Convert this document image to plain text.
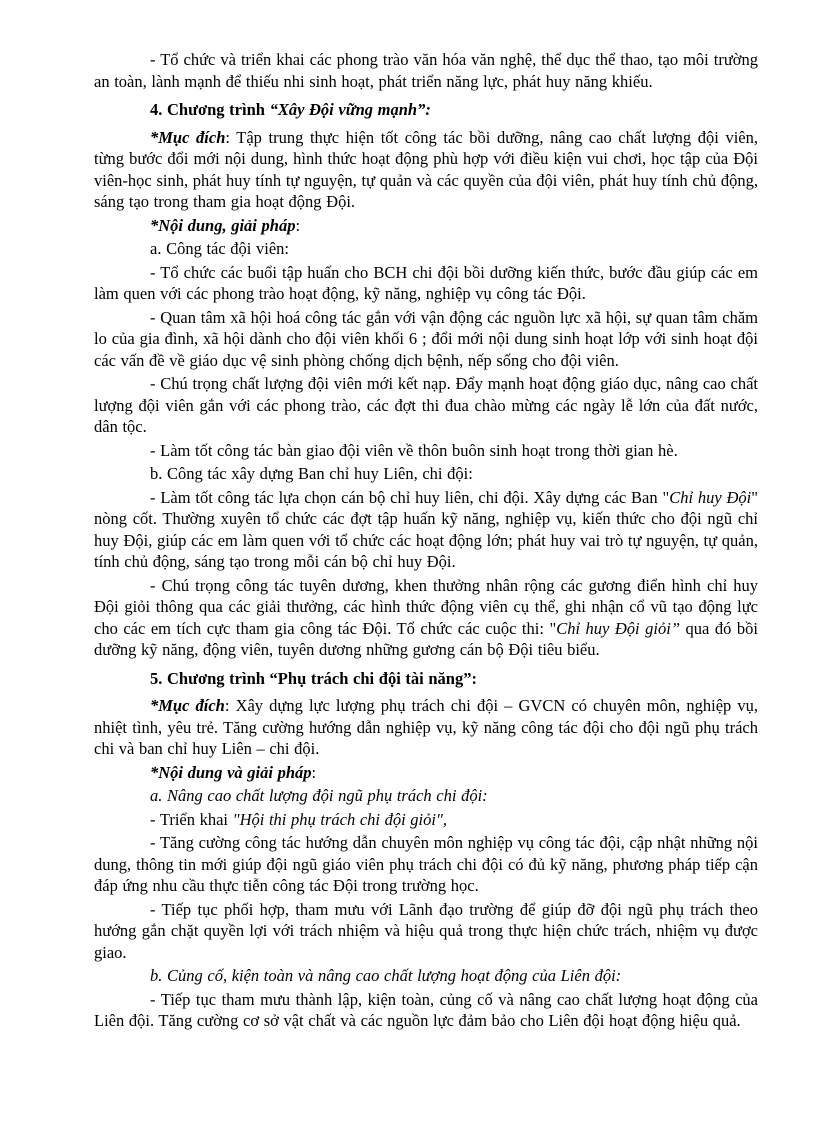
- Tổ chức và triển khai các phong trào văn hóa văn nghệ, thể dục thể thao, tạo môi trường an toàn, lành mạnh để thiếu nhi sinh hoạt, phát triển năng lực, phát huy năng khiếu.

4. Chương trình “Xây Đội vững mạnh”:

*Mục đích: Tập trung thực hiện tốt công tác bồi dưỡng, nâng cao chất lượng đội viên, từng bước đổi mới nội dung, hình thức hoạt động phù hợp với điều kiện vui chơi, học tập của Đội viên-học sinh, phát huy tính tự nguyện, tự quản và các quyền của đội viên, phát huy tính chủ động, sáng tạo trong tham gia hoạt động Đội.

*Nội dung, giải pháp:

a. Công tác đội viên:

- Tổ chức các buổi tập huấn cho BCH chi đội bồi dưỡng kiến thức, bước đầu giúp các em làm quen với các phong trào hoạt động, kỹ năng, nghiệp vụ công tác Đội.

- Quan tâm xã hội hoá công tác gắn với vận động các nguồn lực xã hội, sự quan tâm chăm lo của gia đình, xã hội dành cho đội viên khối 6 ; đổi mới nội dung sinh hoạt lớp với sinh hoạt đội các vấn đề về giáo dục vệ sinh phòng chống dịch bệnh, nếp sống cho đội viên.

- Chú trọng chất lượng đội viên mới kết nạp. Đẩy mạnh hoạt động giáo dục, nâng cao chất lượng đội viên gắn với các phong trào, các đợt thi đua chào mừng các ngày lễ lớn của đất nước, dân tộc.

- Làm tốt công tác bàn giao đội viên về thôn buôn sinh hoạt trong thời gian hè.

b. Công tác xây dựng Ban chỉ huy Liên, chi đội:

- Làm tốt công tác lựa chọn cán bộ chỉ huy liên, chi đội. Xây dựng các Ban "Chỉ huy Đội" nòng cốt. Thường xuyên tổ chức các đợt tập huấn kỹ năng, nghiệp vụ, kiến thức cho đội ngũ chỉ huy Đội, giúp các em làm quen với tổ chức các hoạt động lớn; phát huy vai trò tự nguyện, tự quản, tính chủ động, sáng tạo trong mỗi cán bộ chỉ huy Đội.

- Chú trọng công tác tuyên dương, khen thưởng nhân rộng các gương điển hình chỉ huy Đội giỏi thông qua các giải thưởng, các hình thức động viên cụ thể, ghi nhận cổ vũ tạo động lực cho các em tích cực tham gia công tác Đội. Tổ chức các cuộc thi: "Chỉ huy Đội giỏi” qua đó bồi dưỡng kỹ năng, động viên, tuyên dương những gương cán bộ Đội tiêu biểu.

5. Chương trình “Phụ trách chi đội tài năng”:

*Mục đích: Xây dựng lực lượng phụ trách chi đội – GVCN có chuyên môn, nghiệp vụ, nhiệt tình, yêu trẻ. Tăng cường hướng dẫn nghiệp vụ, kỹ năng công tác đội cho đội ngũ phụ trách chi và ban chỉ huy Liên – chi đội.

*Nội dung và giải pháp:

a. Nâng cao chất lượng đội ngũ phụ trách chi đội:

- Triển khai "Hội thi phụ trách chi đội giỏi",

- Tăng cường công tác hướng dẫn chuyên môn nghiệp vụ công tác đội, cập nhật những nội dung, thông tin mới giúp đội ngũ giáo viên phụ trách chi đội có đủ kỹ năng, phương pháp tiếp cận đáp ứng nhu cầu thực tiễn công tác Đội trong trường học.

- Tiếp tục phối hợp, tham mưu với Lãnh đạo trường để giúp đỡ đội ngũ phụ trách theo hướng gắn chặt quyền lợi với trách nhiệm và hiệu quả trong thực hiện chức trách, nhiệm vụ được giao.

b. Củng cố, kiện toàn và nâng cao chất lượng hoạt động của Liên đội:

- Tiếp tục tham mưu thành lập, kiện toàn, củng cố và nâng cao chất lượng hoạt động của Liên đội. Tăng cường cơ sở vật chất và các nguồn lực đảm bảo cho Liên đội hoạt động hiệu quả.
